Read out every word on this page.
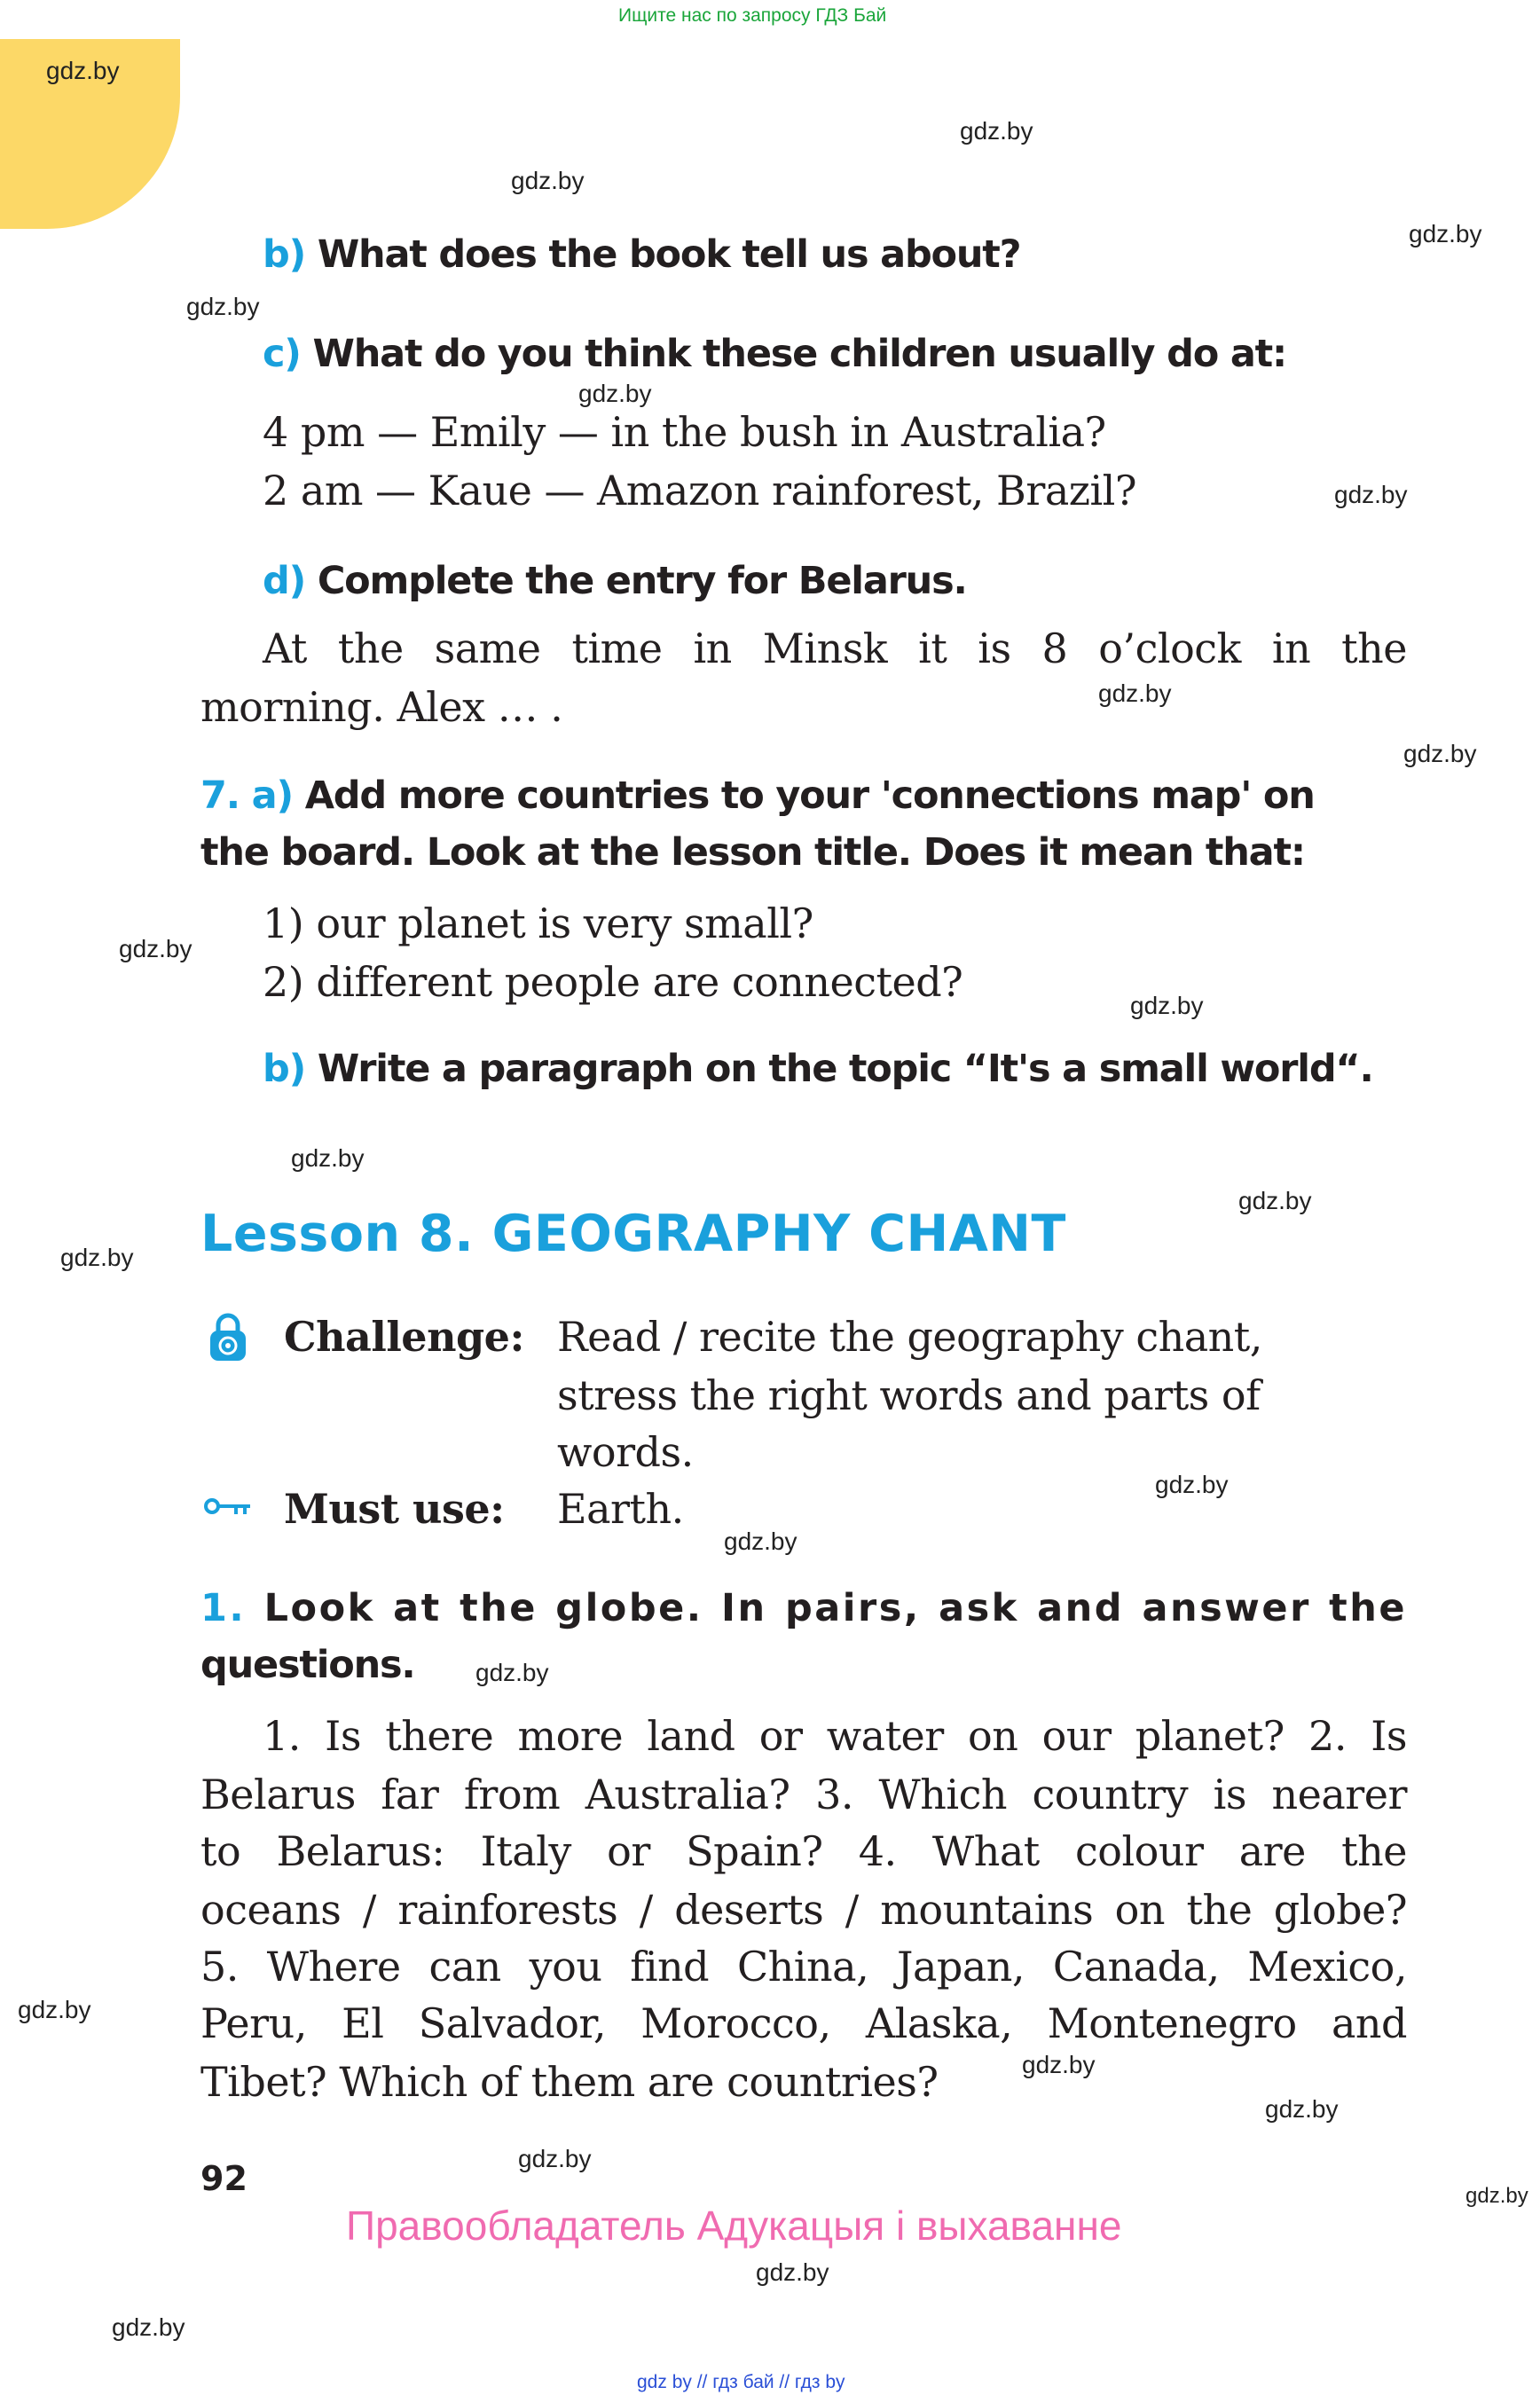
Ищите нас по запросу ГДЗ Бай
gdz.by
gdz.by
gdz.by
gdz.by
gdz.by
gdz.by
gdz.by
gdz.by
gdz.by
gdz.by
gdz.by
gdz.by
gdz.by
gdz.by
gdz.by
gdz.by
gdz.by
gdz.by
gdz.by
gdz.by
gdz.by
gdz.by
gdz.by
gdz.by
b) What does the book tell us about?
c) What do you think these children usually do at:
4 pm — Emily — in the bush in Australia?
2 am — Kaue — Amazon rainforest, Brazil?
d) Complete the entry for Belarus.
At the same time in Minsk it is 8 o’clock in the
morning. Alex … .
7. a) Add more countries to your 'connections map' on
the board. Look at the lesson title. Does it mean that:
1) our planet is very small?
2) different people are connected?
b) Write a paragraph on the topic “It's a small world“.
Lesson 8. GEOGRAPHY CHANT
Challenge: Read / recite the geography chant,
stress the right words and parts of
words.
Must use: Earth.
1. Look at the globe. In pairs, ask and answer the
questions.
1. Is there more land or water on our planet? 2. Is
Belarus far from Australia? 3. Which country is nearer
to Belarus: Italy or Spain? 4. What colour are the
oceans / rainforests / deserts / mountains on the globe?
5. Where can you find China, Japan, Canada, Mexico,
Peru, El Salvador, Morocco, Alaska, Montenegro and
Tibet? Which of them are countries?
92
Правообладатель Адукацыя і выхаванне
gdz by // гдз бай // гдз by
